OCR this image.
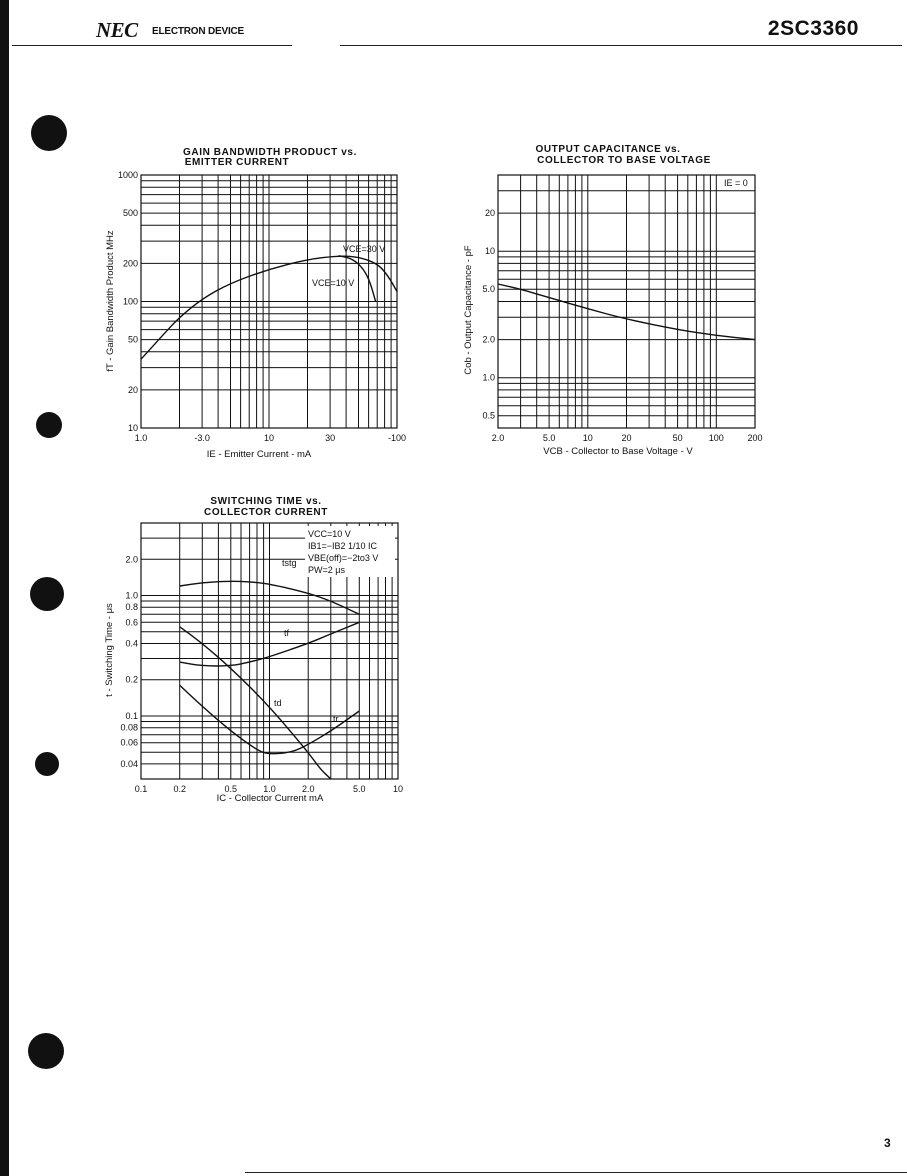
NEC ELECTRON DEVICE	2SC3360
3
GAIN BANDWIDTH PRODUCT vs.
EMITTER CURRENT
1.0	-3.0	10	30	-100
1000
500
200
100
50
20
10
IE - Emitter Current - mA
fT - Gain Bandwidth Product MHz	VCE=30 V
VCE=10 V
OUTPUT CAPACITANCE vs.
COLLECTOR TO BASE VOLTAGE
2.0	5.0	10	20	50	100	200
20
10
5.0
2.0
1.0
0.5
IE = 0
VCB - Collector to Base Voltage - V
Cob - Output Capacitance - pF
SWITCHING TIME vs.
COLLECTOR CURRENT
0.1	0.2	0.5	1.0	2.0	5.0	10
2.0
1.0
0.8
0.6
0.4
0.2
0.1
0.08
0.06
0.04
VCC=10 V
IB1=−IB2 1/10 IC
VBE(off)=−2to3 V
PW=2 μs
tstg
tf
td
tr
IC - Collector Current mA
t - Switching Time - μs
